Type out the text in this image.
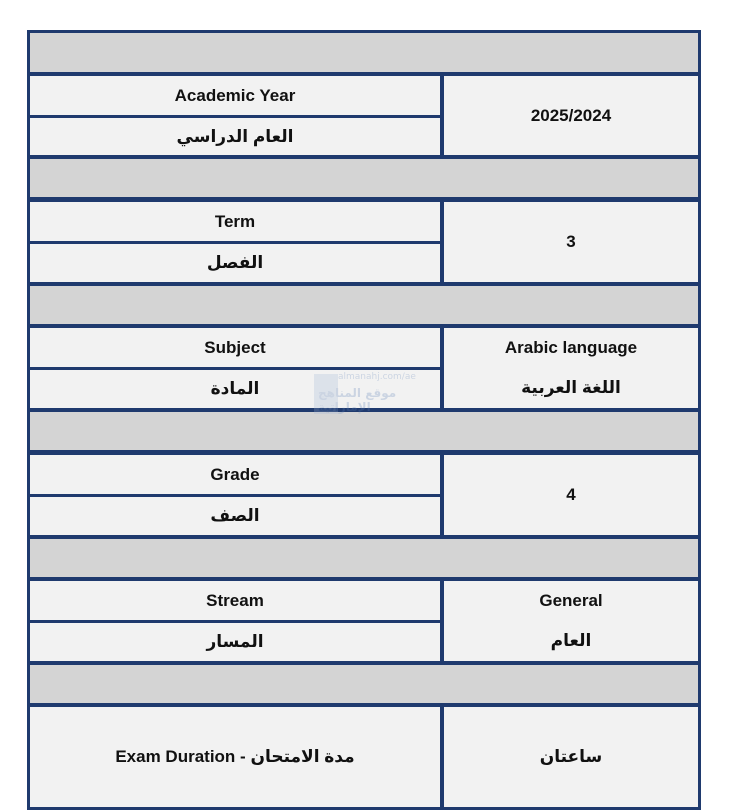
Academic Year
العام الدراسي
2025/2024
Term
الفصل
3
Subject
المادة
Arabic language
اللغة العربية
Grade
الصف
4
Stream
المسار
General
العام
Exam Duration - مدة الامتحان	ساعتان
almanahj.com/ae
موقع المناهج الإماراتية
